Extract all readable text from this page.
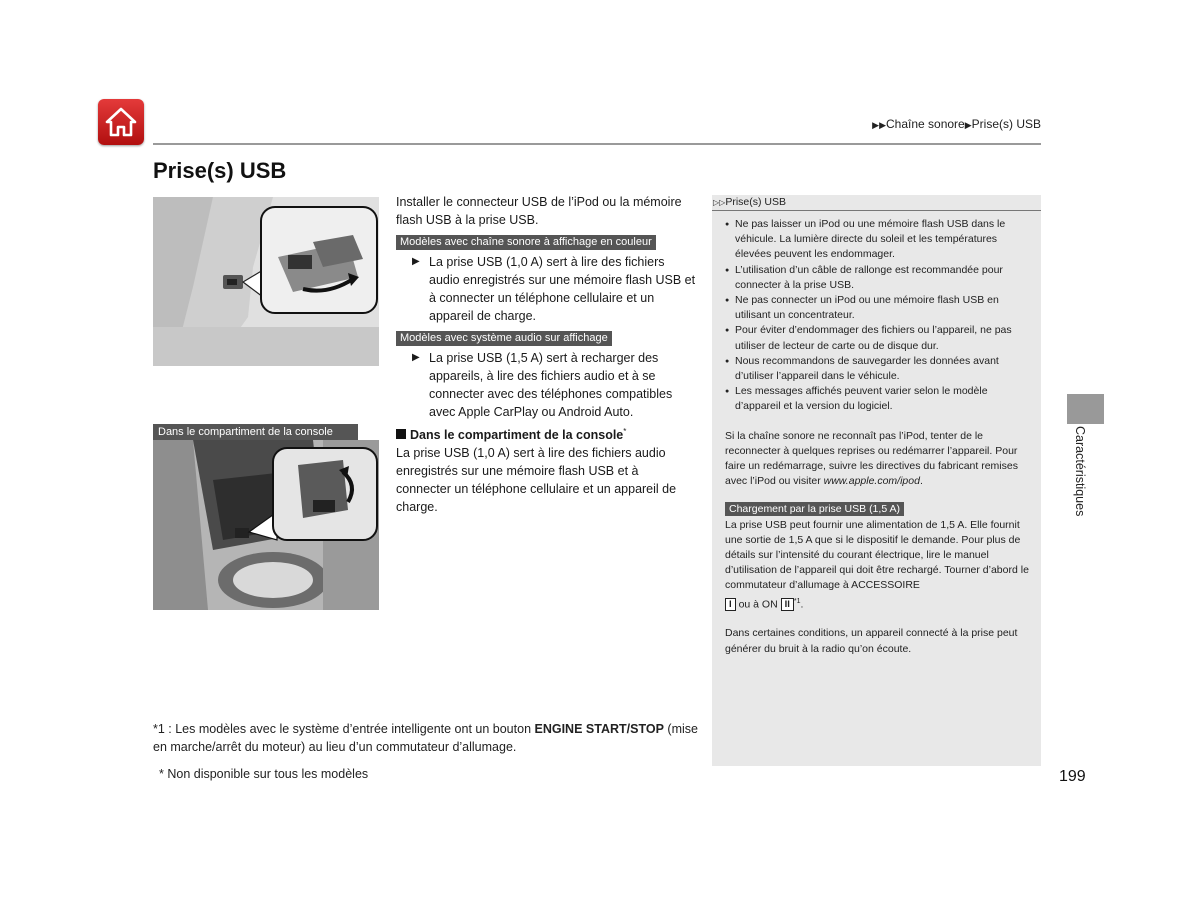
▶▶Chaîne sonore▶Prise(s) USB
Prise(s) USB
Dans le compartiment de la console

Installer le connecteur USB de l’iPod ou la mémoire flash USB à la prise USB.

Modèles avec chaîne sonore à affichage en couleur
▶ La prise USB (1,0 A) sert à lire des fichiers audio enregistrés sur une mémoire flash USB et à connecter un téléphone cellulaire et un appareil de charge.
Modèles avec système audio sur affichage
▶ La prise USB (1,5 A) sert à recharger des appareils, à lire des fichiers audio et à se connecter avec des téléphones compatibles avec Apple CarPlay ou Android Auto.
Dans le compartiment de la console*

La prise USB (1,0 A) sert à lire des fichiers audio enregistrés sur une mémoire flash USB et à connecter un téléphone cellulaire et un appareil de charge.

▷▷Prise(s) USB
● Ne pas laisser un iPod ou une mémoire flash USB dans le véhicule. La lumière directe du soleil et les températures élevées peuvent les endommager.
● L’utilisation d’un câble de rallonge est recommandée pour connecter à la prise USB.
● Ne pas connecter un iPod ou une mémoire flash USB en utilisant un concentrateur.
● Pour éviter d’endommager des fichiers ou l’appareil, ne pas utiliser de lecteur de carte ou de disque dur.
● Nous recommandons de sauvegarder les données avant d’utiliser l’appareil dans le véhicule.
● Les messages affichés peuvent varier selon le modèle d’appareil et la version du logiciel.
Si la chaîne sonore ne reconnaît pas l’iPod, tenter de le reconnecter à quelques reprises ou redémarrer l’appareil. Pour faire un redémarrage, suivre les directives du fabricant remises avec l’iPod ou visiter www.apple.com/ipod.
Chargement par la prise USB (1,5 A)
La prise USB peut fournir une alimentation de 1,5 A. Elle fournit une sortie de 1,5 A que si le dispositif le demande. Pour plus de détails sur l’intensité du courant électrique, lire le manuel d’utilisation de l’appareil qui doit être rechargé. Tourner d’abord le commutateur d’allumage à ACCESSOIRE
I ou à ON II $^{*1}$.
Dans certaines conditions, un appareil connecté à la prise peut générer du bruit à la radio qu’on écoute.
Caractéristiques
*1 : Les modèles avec le système d’entrée intelligente ont un bouton ENGINE START/STOP (mise en marche/arrêt du moteur) au lieu d’un commutateur d’allumage.
* Non disponible sur tous les modèles	199
